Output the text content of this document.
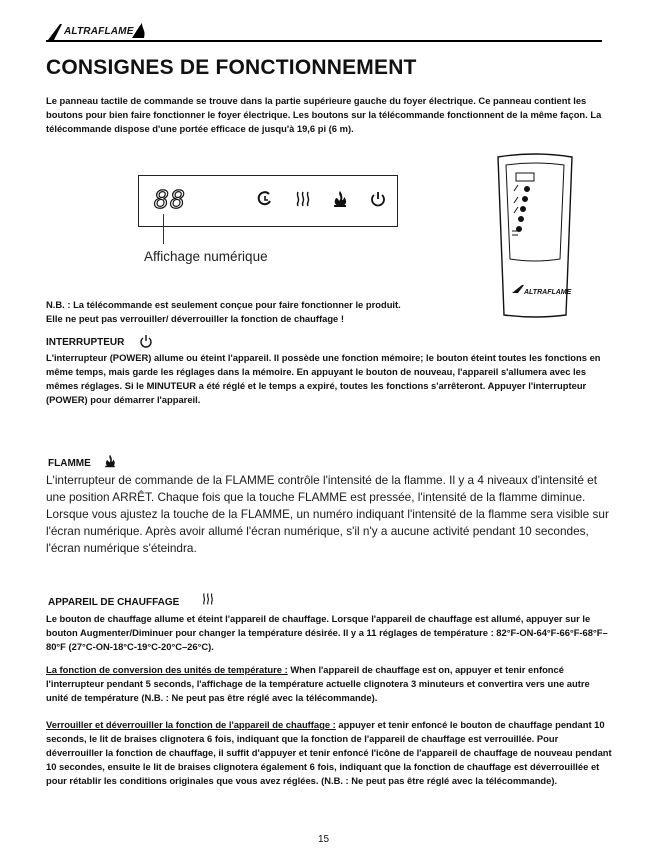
ALTRAFLAME
CONSIGNES DE FONCTIONNEMENT
Le panneau tactile de commande se trouve dans la partie supérieure gauche du foyer électrique. Ce panneau contient les boutons pour bien faire fonctionner le foyer électrique. Les boutons sur la télécommande fonctionnent de la même façon. La télécommande dispose d'une portée efficace de jusqu'à 19,6 pi (6 m).
88
Affichage numérique
ALTRAFLAME
N.B. : La télécommande est seulement conçue pour faire fonctionner le produit.
Elle ne peut pas verrouiller/ déverrouiller la fonction de chauffage !
INTERRUPTEUR
L'interrupteur (POWER) allume ou éteint l'appareil. Il possède une fonction mémoire; le bouton éteint toutes les fonctions en même temps, mais garde les réglages dans la mémoire. En appuyant le bouton de nouveau, l'appareil s'allumera avec les mêmes réglages. Si le MINUTEUR a été réglé et le temps a expiré, toutes les fonctions s'arrêteront. Appuyer l'interrupteur (POWER) pour démarrer l'appareil.
FLAMME
L'interrupteur de commande de la FLAMME contrôle l'intensité de la flamme. Il y a 4 niveaux d'intensité et une position ARRÊT. Chaque fois que la touche FLAMME est pressée, l'intensité de la flamme diminue. Lorsque vous ajustez la touche de la FLAMME, un numéro indiquant l'intensité de la flamme sera visible sur l'écran numérique. Après avoir allumé l'écran numérique, s'il n'y a aucune activité pendant 10 secondes, l'écran numérique s'éteindra.
APPAREIL DE CHAUFFAGE
Le bouton de chauffage allume et éteint l'appareil de chauffage. Lorsque l'appareil de chauffage est allumé, appuyer sur le bouton Augmenter/Diminuer pour changer la température désirée. Il y a 11 réglages de température : 82°F-ON-64°F-66°F-68°F–80°F (27°C-ON-18°C-19°C-20°C–26°C).
La fonction de conversion des unités de température : When l'appareil de chauffage est on, appuyer et tenir enfoncé l'interrupteur pendant 5 seconds, l'affichage de la température actuelle clignotera 3 minuteurs et convertira vers une autre unité de température (N.B. : Ne peut pas être réglé avec la télécommande).
Verrouiller et déverrouiller la fonction de l'appareil de chauffage : appuyer et tenir enfoncé le bouton de chauffage pendant 10 seconds, le lit de braises clignotera 6 fois, indiquant que la fonction de l'appareil de chauffage est verrouillée. Pour déverrouiller la fonction de chauffage, il suffit d'appuyer et tenir enfoncé l'icône de l'appareil de chauffage de nouveau pendant 10 secondes, ensuite le lit de braises clignotera également 6 fois, indiquant que la fonction de chauffage est déverrouillée et pour rétablir les conditions originales que vous avez réglées. (N.B. : Ne peut pas être réglé avec la télécommande).
15
